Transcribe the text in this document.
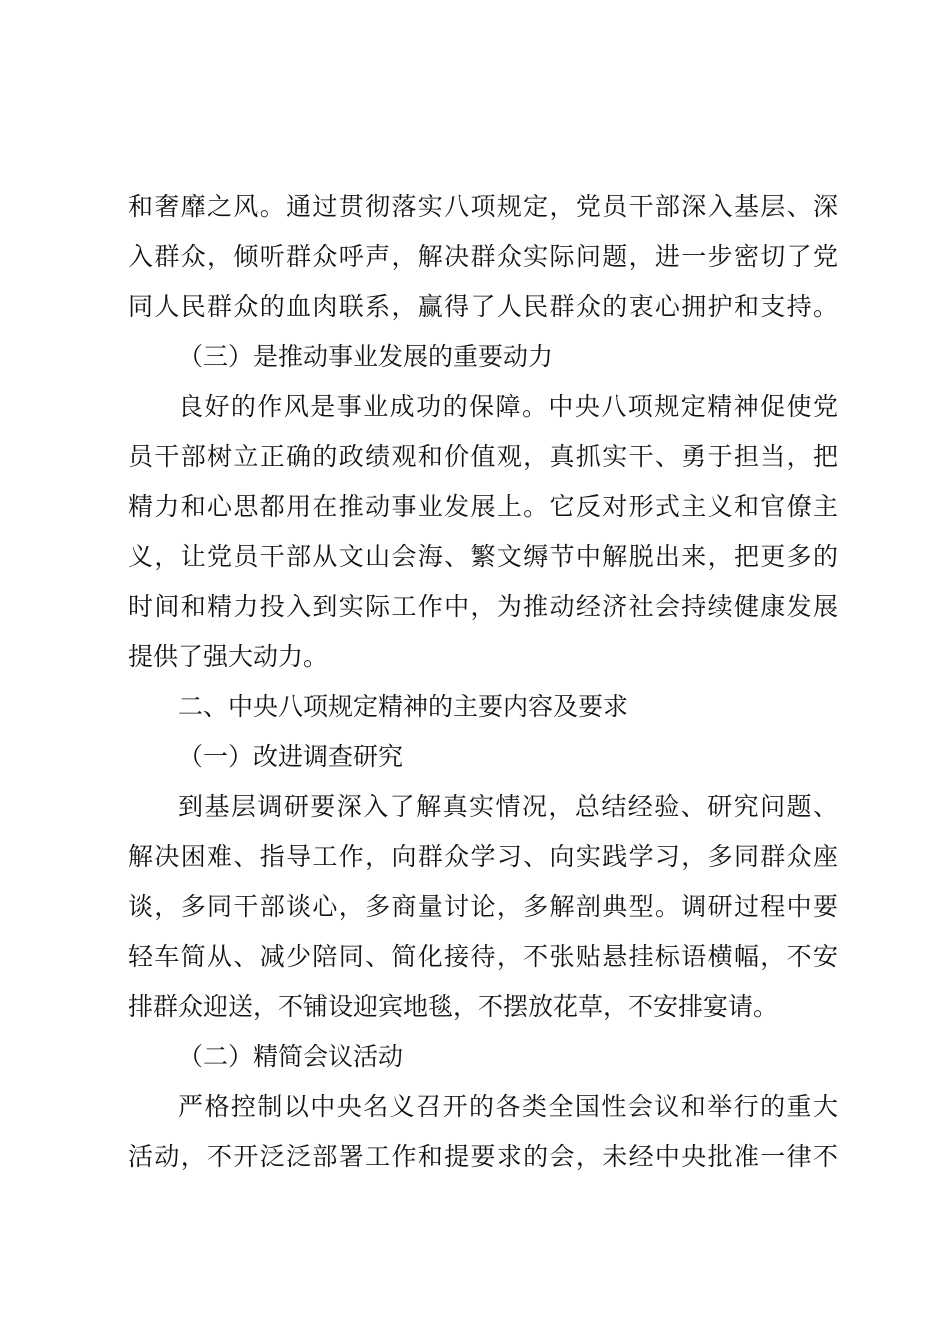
和奢靡之风。通过贯彻落实八项规定，党员干部深入基层、深
入群众，倾听群众呼声，解决群众实际问题，进一步密切了党
同人民群众的血肉联系，赢得了人民群众的衷心拥护和支持。
（三）是推动事业发展的重要动力
良好的作风是事业成功的保障。中央八项规定精神促使党
员干部树立正确的政绩观和价值观，真抓实干、勇于担当，把
精力和心思都用在推动事业发展上。它反对形式主义和官僚主
义，让党员干部从文山会海、繁文缛节中解脱出来，把更多的
时间和精力投入到实际工作中，为推动经济社会持续健康发展
提供了强大动力。
二、中央八项规定精神的主要内容及要求
（一）改进调查研究
到基层调研要深入了解真实情况，总结经验、研究问题、
解决困难、指导工作，向群众学习、向实践学习，多同群众座
谈，多同干部谈心，多商量讨论，多解剖典型。调研过程中要
轻车简从、减少陪同、简化接待，不张贴悬挂标语横幅，不安
排群众迎送，不铺设迎宾地毯，不摆放花草，不安排宴请。
（二）精简会议活动
严格控制以中央名义召开的各类全国性会议和举行的重大
活动，不开泛泛部署工作和提要求的会，未经中央批准一律不
